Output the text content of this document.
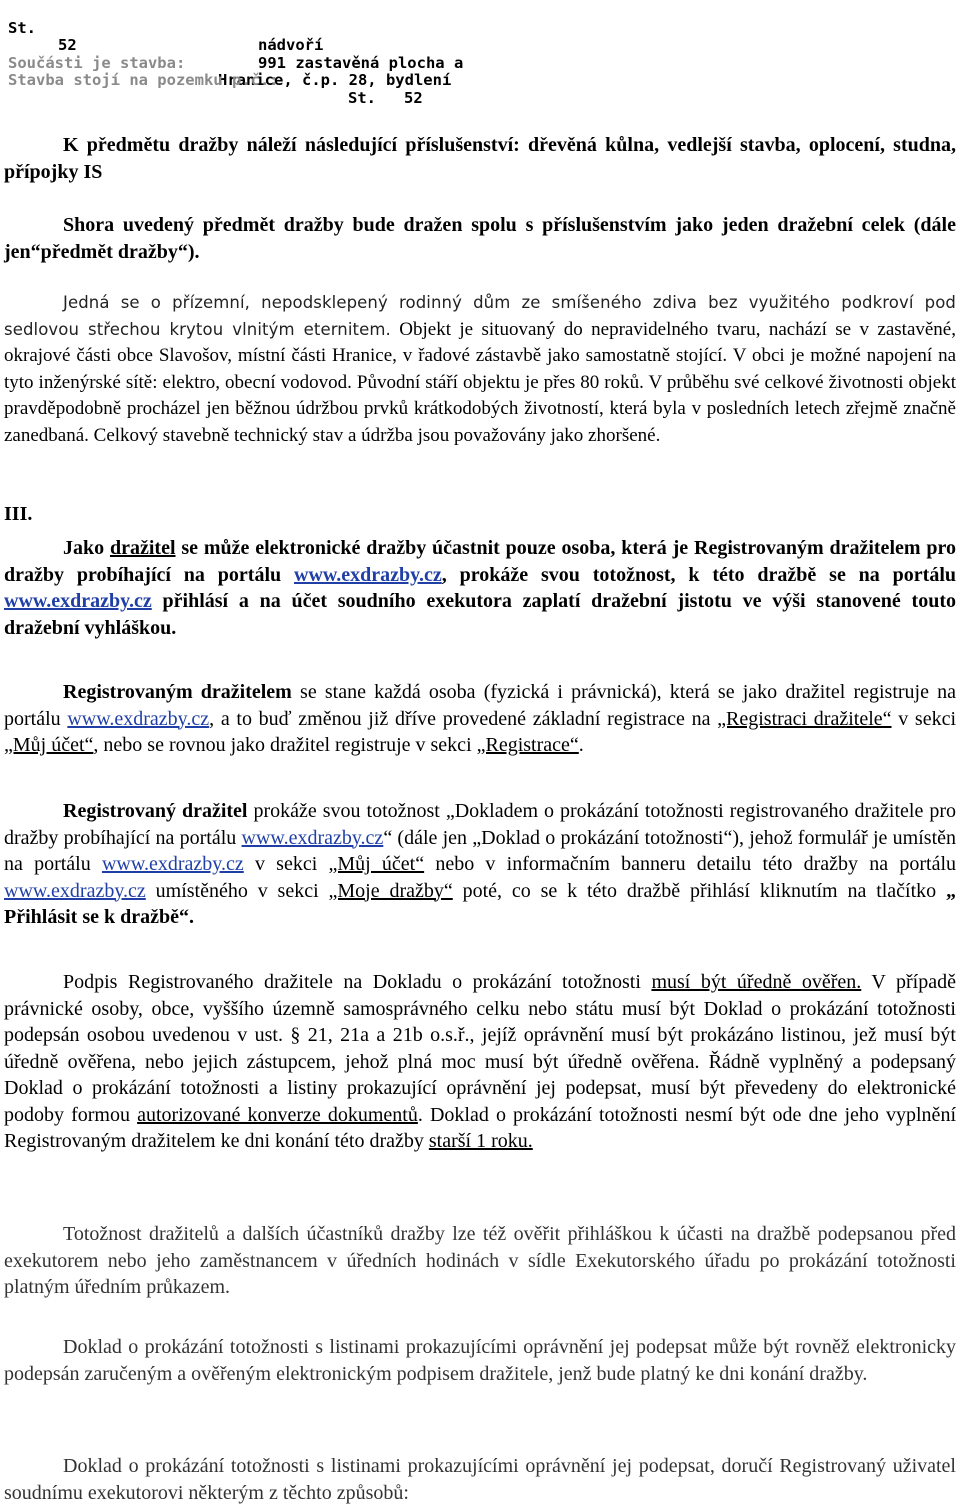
St.

52

991 zastavěná plocha a

nádvoří

Součásti je stavba:

Hranice, č.p. 28, bydlení

Stavba stojí na pozemku p.č.:

St.   52

K předmětu dražby náleží následující příslušenství: dřevěná kůlna, vedlejší stavba, oplocení, studna, přípojky IS

Shora uvedený předmět dražby bude dražen spolu s příslušenstvím jako jeden dražební celek (dále jen“předmět dražby“).

Jedná se o přízemní, nepodsklepený rodinný dům ze smíšeného zdiva bez využitého podkroví pod sedlovou střechou krytou vlnitým eternitem. Objekt je situovaný do nepravidelného tvaru, nachází se v zastavěné, okrajové části obce Slavošov, místní části Hranice, v řadové zástavbě jako samostatně stojící. V obci je možné napojení na tyto inženýrské sítě: elektro, obecní vodovod. Původní stáří objektu je přes 80 roků. V průběhu své celkové životnosti objekt pravděpodobně procházel jen běžnou údržbou prvků krátkodobých životností, která byla v posledních letech zřejmě značně zanedbaná. Celkový stavebně technický stav a údržba jsou považovány jako zhoršené.

III.

Jako dražitel se může elektronické dražby účastnit pouze osoba, která je Registrovaným dražitelem pro dražby probíhající na portálu www.exdrazby.cz, prokáže svou totožnost, k této dražbě se na portálu www.exdrazby.cz přihlásí a na účet soudního exekutora zaplatí dražební jistotu ve výši stanovené touto dražební vyhláškou.

Registrovaným dražitelem se stane každá osoba (fyzická i právnická), která se jako dražitel registruje na portálu www.exdrazby.cz, a to buď změnou již dříve provedené základní registrace na „Registraci dražitele“ v sekci „Můj účet“, nebo se rovnou jako dražitel registruje v sekci „Registrace“.

Registrovaný dražitel prokáže svou totožnost „Dokladem o prokázání totožnosti registrovaného dražitele pro dražby probíhající na portálu www.exdrazby.cz“ (dále jen „Doklad o prokázání totožnosti“), jehož formulář je umístěn na portálu www.exdrazby.cz v sekci „Můj účet“ nebo v informačním banneru detailu této dražby na portálu www.exdrazby.cz umístěného v sekci „Moje dražby“ poté, co se k této dražbě přihlásí kliknutím na tlačítko „ Přihlásit se k dražbě“.

Podpis Registrovaného dražitele na Dokladu o prokázání totožnosti musí být úředně ověřen. V případě právnické osoby, obce, vyššího územně samosprávného celku nebo státu musí být Doklad o prokázání totožnosti podepsán osobou uvedenou v ust. § 21, 21a a 21b o.s.ř., jejíž oprávnění musí být prokázáno listinou, jež musí být úředně ověřena, nebo jejich zástupcem, jehož plná moc musí být úředně ověřena. Řádně vyplněný a podepsaný Doklad o prokázání totožnosti a listiny prokazující oprávnění jej podepsat, musí být převedeny do elektronické podoby formou autorizované konverze dokumentů. Doklad o prokázání totožnosti nesmí být ode dne jeho vyplnění Registrovaným dražitelem ke dni konání této dražby starší 1 roku.

Totožnost dražitelů a dalších účastníků dražby lze též ověřit přihláškou k účasti na dražbě podepsanou před exekutorem nebo jeho zaměstnancem v úředních hodinách v sídle Exekutorského úřadu po prokázání totožnosti platným úředním průkazem.

Doklad o prokázání totožnosti s listinami prokazujícími oprávnění jej podepsat může být rovněž elektronicky podepsán zaručeným a ověřeným elektronickým podpisem dražitele, jenž bude platný ke dni konání dražby.

Doklad o prokázání totožnosti s listinami prokazujícími oprávnění jej podepsat, doručí Registrovaný uživatel soudnímu exekutorovi některým z těchto způsobů:
